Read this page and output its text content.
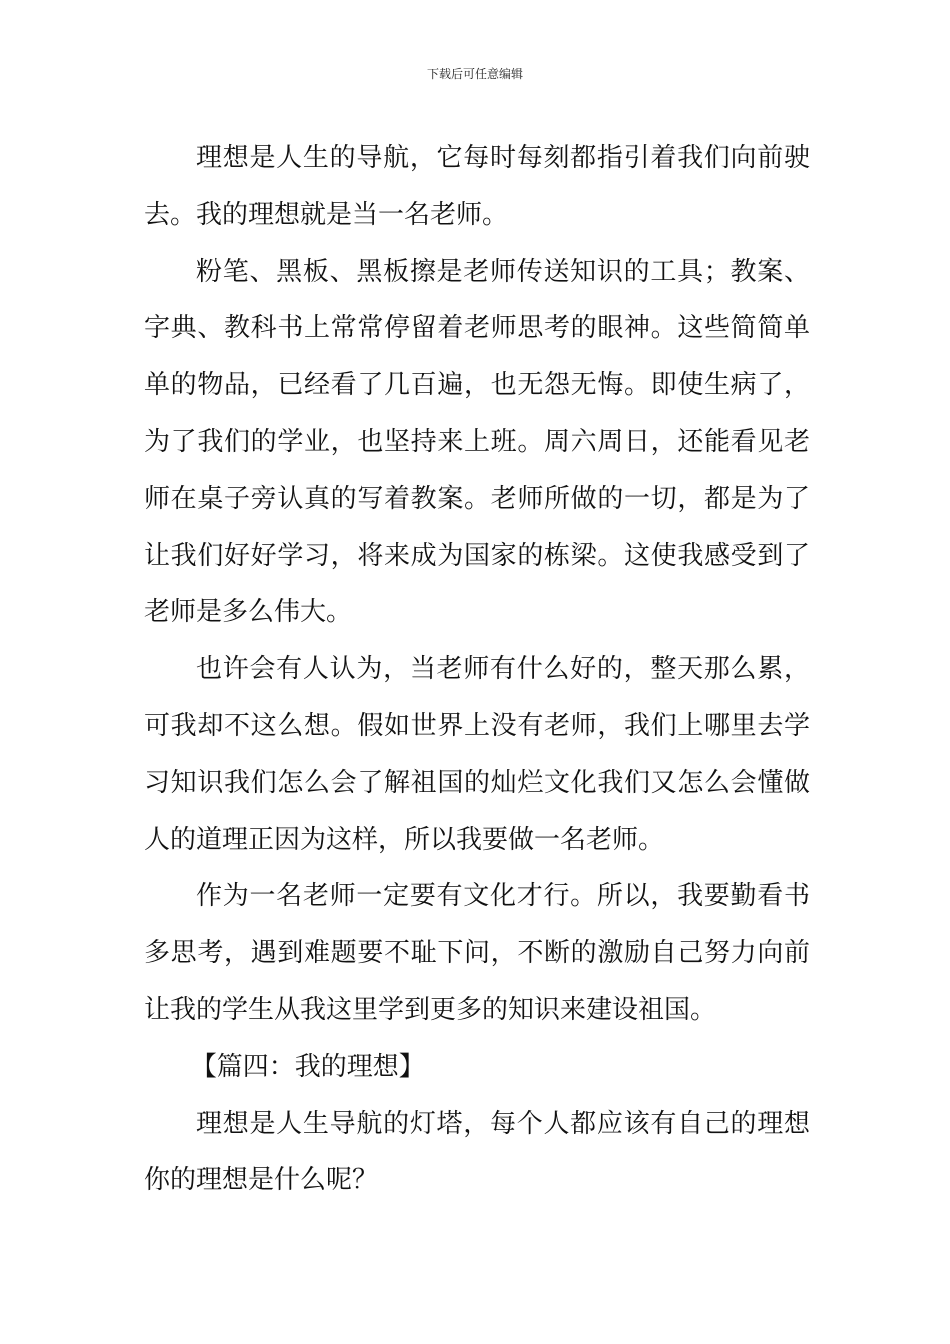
下载后可任意编辑

理想是人生的导航，它每时每刻都指引着我们向前驶去。我的理想就是当一名老师。

粉笔、黑板、黑板擦是老师传送知识的工具；教案、字典、教科书上常常停留着老师思考的眼神。这些简简单单的物品，已经看了几百遍，也无怨无悔。即使生病了，为了我们的学业，也坚持来上班。周六周日，还能看见老师在桌子旁认真的写着教案。老师所做的一切，都是为了让我们好好学习，将来成为国家的栋梁。这使我感受到了老师是多么伟大。

也许会有人认为，当老师有什么好的，整天那么累，可我却不这么想。假如世界上没有老师，我们上哪里去学习知识我们怎么会了解祖国的灿烂文化我们又怎么会懂做人的道理正因为这样，所以我要做一名老师。

作为一名老师一定要有文化才行。所以，我要勤看书多思考，遇到难题要不耻下问，不断的激励自己努力向前让我的学生从我这里学到更多的知识来建设祖国。

【篇四：我的理想】

理想是人生导航的灯塔，每个人都应该有自己的理想你的理想是什么呢？
